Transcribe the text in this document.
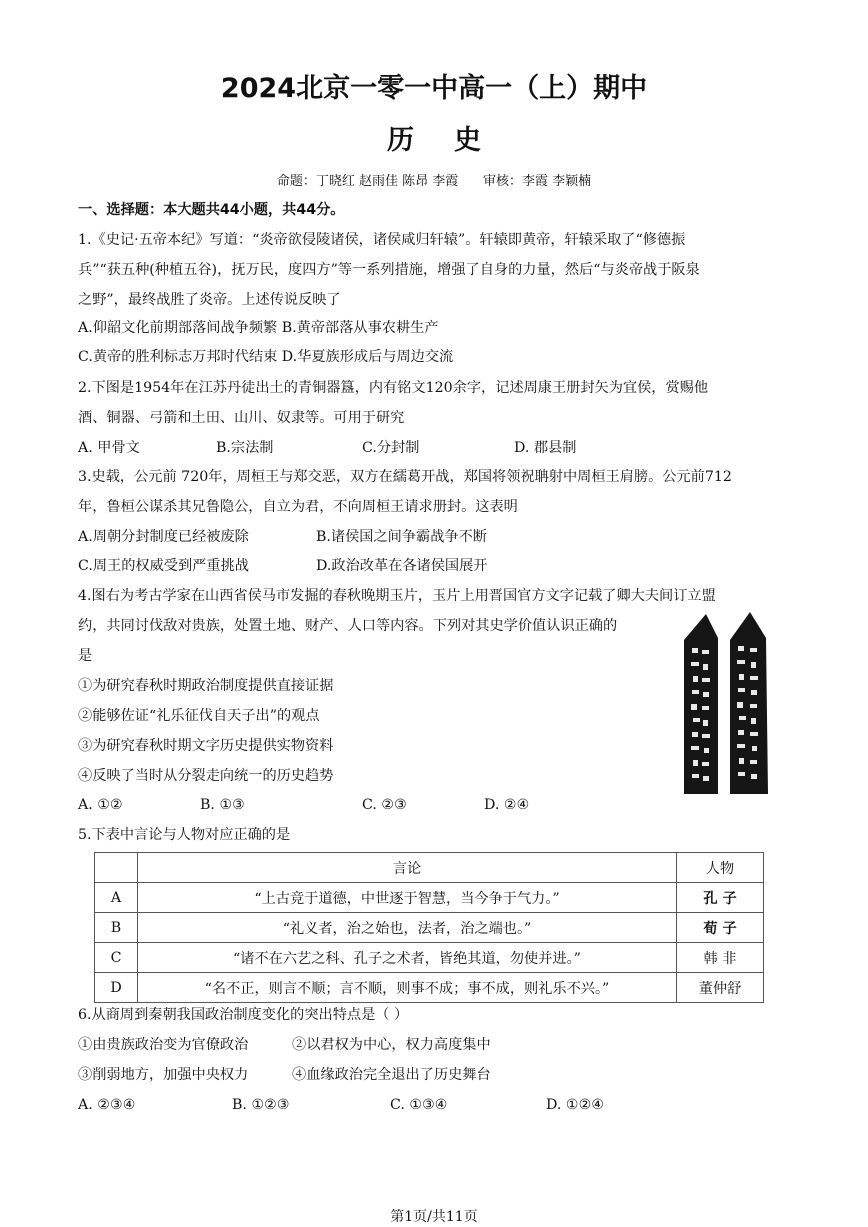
2024北京一零一中高一（上）期中
历史
命题：丁晓红 赵雨佳 陈昂 李霞      审核：李霞 李颖楠
一、选择题：本大题共44小题，共44分。
1.《史记·五帝本纪》写道：“炎帝欲侵陵诸侯，诸侯咸归轩辕”。轩辕即黄帝，轩辕采取了“修德振
兵”“获五种(种植五谷)，抚万民，度四方”等一系列措施，增强了自身的力量，然后“与炎帝战于阪泉
之野”，最终战胜了炎帝。上述传说反映了
A.仰韶文化前期部落间战争频繁 B.黄帝部落从事农耕生产
C.黄帝的胜利标志万邦时代结束 D.华夏族形成后与周边交流
2.下图是1954年在江苏丹徒出土的青铜器簋，内有铭文120余字，记述周康王册封矢为宜侯，赏赐他
酒、铜器、弓箭和土田、山川、奴隶等。可用于研究
A. 甲骨文	B.宗法制	C.分封制	D. 郡县制
3.史载，公元前 720年，周桓王与郑交恶，双方在繻葛开战，郑国将领祝聃射中周桓王肩膀。公元前712
年，鲁桓公谋杀其兄鲁隐公，自立为君，不向周桓王请求册封。这表明
A.周朝分封制度已经被废除	B.诸侯国之间争霸战争不断
C.周王的权威受到严重挑战	D.政治改革在各诸侯国展开
4.图右为考古学家在山西省侯马市发掘的春秋晚期玉片，玉片上用晋国官方文字记载了卿大夫间订立盟
约，共同讨伐敌对贵族，处置土地、财产、人口等内容。下列对其史学价值认识正确的
是
①为研究春秋时期政治制度提供直接证据
②能够佐证“礼乐征伐自天子出”的观点
③为研究春秋时期文字历史提供实物资料
④反映了当时从分裂走向统一的历史趋势
A. ①②	B. ①③	C. ②③	D. ②④
5.下表中言论与人物对应正确的是
	言论	人物
A	“上古竞于道德，中世逐于智慧，当今争于气力。”	孔 子
B	“礼义者，治之始也，法者，治之端也。”	荀 子
C	“诸不在六艺之科、孔子之术者，皆绝其道，勿使并进。”	韩 非
D	“名不正，则言不顺；言不顺，则事不成；事不成，则礼乐不兴。”	董仲舒
6.从商周到秦朝我国政治制度变化的突出特点是（ ）
①由贵族政治变为官僚政治	②以君权为中心，权力高度集中
③削弱地方，加强中央权力	④血缘政治完全退出了历史舞台
A. ②③④	B. ①②③	C. ①③④	D. ①②④
第1页/共11页
